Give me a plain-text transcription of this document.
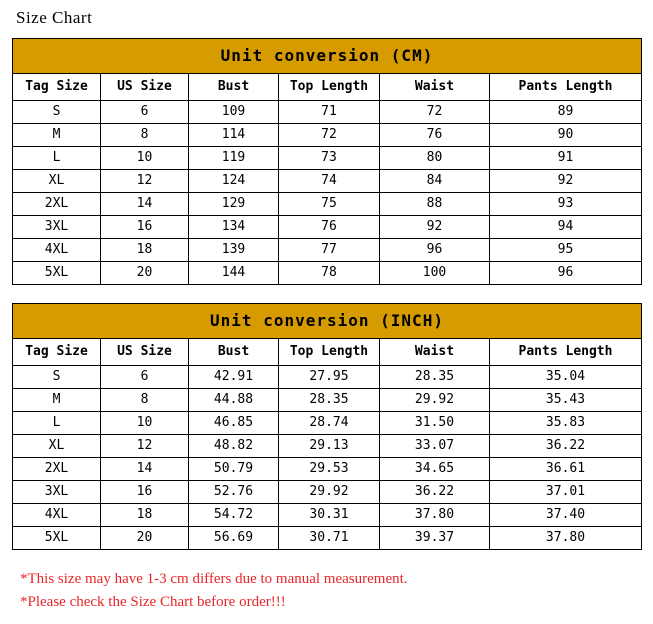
Size Chart
Unit conversion (CM)
Tag Size	US Size	Bust	Top Length	Waist	Pants Length
S	6	109	71	72	89
M	8	114	72	76	90
L	10	119	73	80	91
XL	12	124	74	84	92
2XL	14	129	75	88	93
3XL	16	134	76	92	94
4XL	18	139	77	96	95
5XL	20	144	78	100	96
Unit conversion (INCH)
Tag Size	US Size	Bust	Top Length	Waist	Pants Length
S	6	42.91	27.95	28.35	35.04
M	8	44.88	28.35	29.92	35.43
L	10	46.85	28.74	31.50	35.83
XL	12	48.82	29.13	33.07	36.22
2XL	14	50.79	29.53	34.65	36.61
3XL	16	52.76	29.92	36.22	37.01
4XL	18	54.72	30.31	37.80	37.40
5XL	20	56.69	30.71	39.37	37.80
*This size may have 1-3 cm differs due to manual measurement.
*Please check the Size Chart before order!!!
